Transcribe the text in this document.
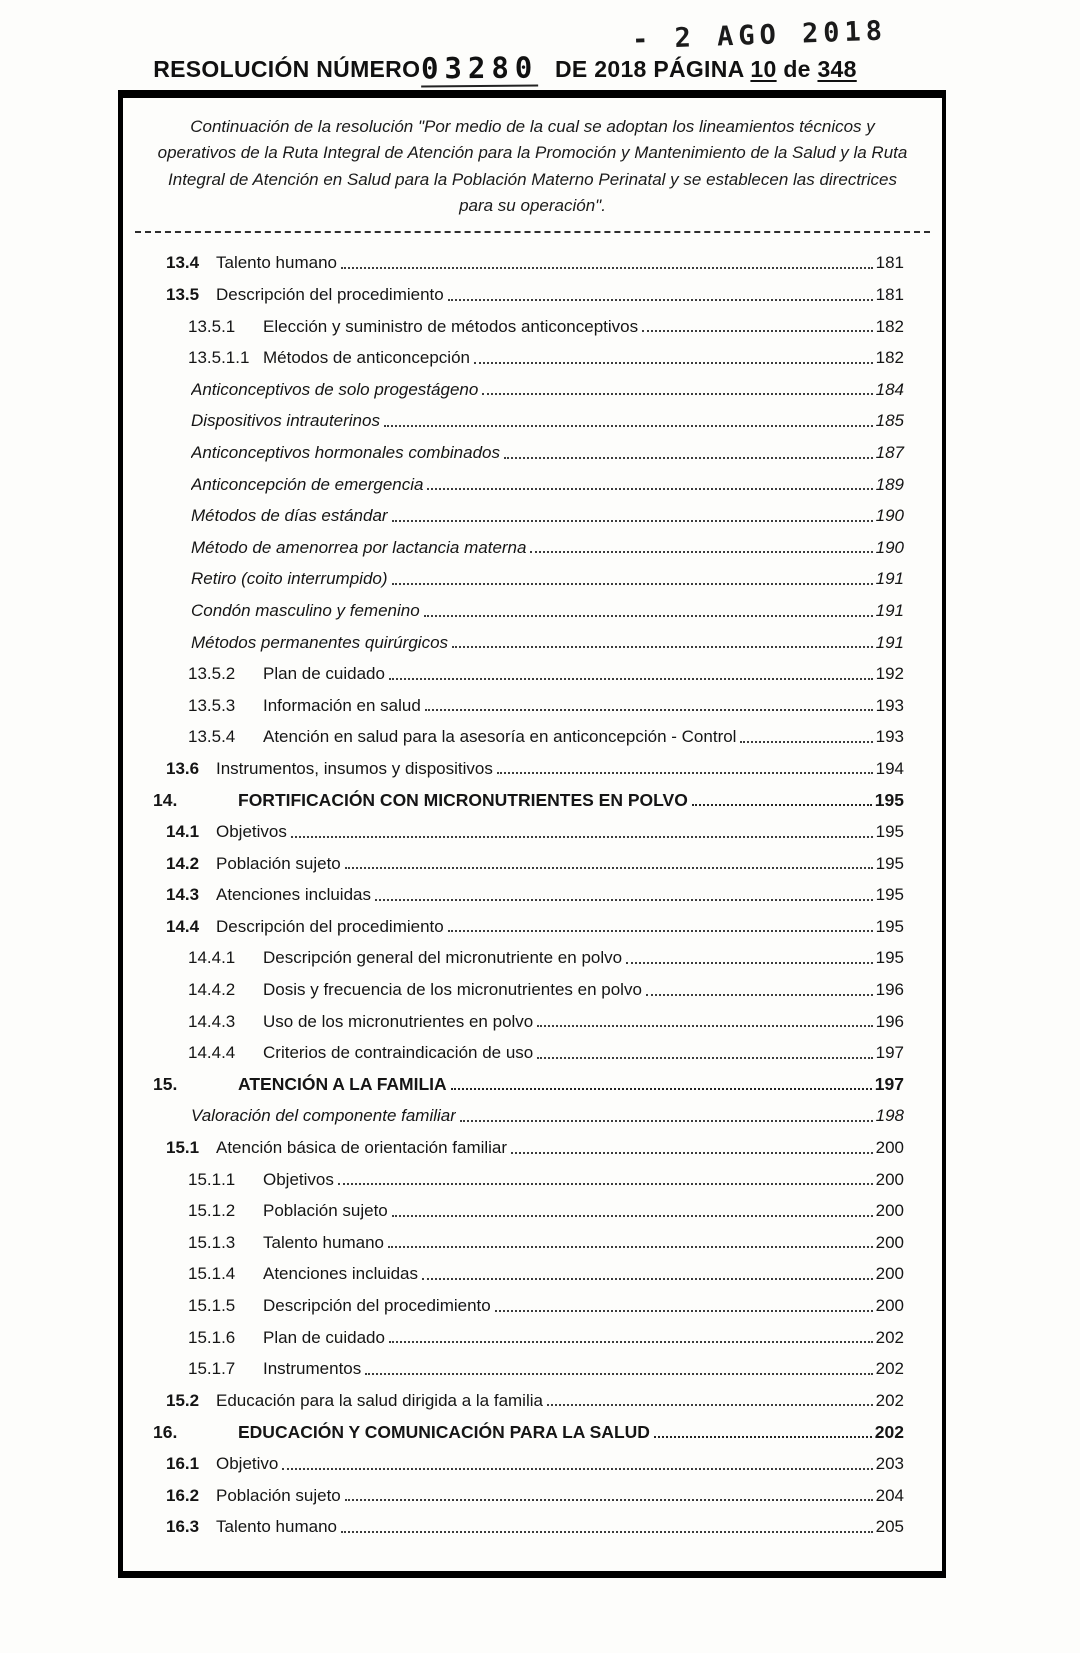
- 2 AGO 2018
RESOLUCIÓN NÚMERO 03280 DE 2018 PÁGINA 10 de 348
Continuación de la resolución "Por medio de la cual se adoptan los lineamientos técnicos y operativos de la Ruta Integral de Atención para la Promoción y Mantenimiento de la Salud y la Ruta Integral de Atención en Salud para la Población Materno Perinatal y se establecen las directrices para su operación".
13.4 Talento humano	181
13.5 Descripción del procedimiento	181
13.5.1	Elección y suministro de métodos anticonceptivos	182
13.5.1.1 Métodos de anticoncepción	182
Anticonceptivos de solo progestágeno	184
Dispositivos intrauterinos	185
Anticonceptivos hormonales combinados	187
Anticoncepción de emergencia	189
Métodos de días estándar	190
Método de amenorrea por lactancia materna	190
Retiro (coito interrumpido)	191
Condón masculino y femenino	191
Métodos permanentes quirúrgicos	191
13.5.2	Plan de cuidado	192
13.5.3	Información en salud	193
13.5.4	Atención en salud para la asesoría en anticoncepción - Control	193
13.6 Instrumentos, insumos y dispositivos	194
14.	FORTIFICACIÓN CON MICRONUTRIENTES EN POLVO	195
14.1 Objetivos	195
14.2 Población sujeto	195
14.3 Atenciones incluidas	195
14.4 Descripción del procedimiento	195
14.4.1	Descripción general del micronutriente en polvo	195
14.4.2	Dosis y frecuencia de los micronutrientes en polvo	196
14.4.3	Uso de los micronutrientes en polvo	196
14.4.4	Criterios de contraindicación de uso	197
15.	ATENCIÓN A LA FAMILIA	197
Valoración del componente familiar	198
15.1 Atención básica de orientación familiar	200
15.1.1	Objetivos	200
15.1.2	Población sujeto	200
15.1.3	Talento humano	200
15.1.4	Atenciones incluidas	200
15.1.5	Descripción del procedimiento	200
15.1.6	Plan de cuidado	202
15.1.7	Instrumentos	202
15.2 Educación para la salud dirigida a la familia	202
16.	EDUCACIÓN Y COMUNICACIÓN PARA LA SALUD	202
16.1 Objetivo	203
16.2 Población sujeto	204
16.3 Talento humano	205
